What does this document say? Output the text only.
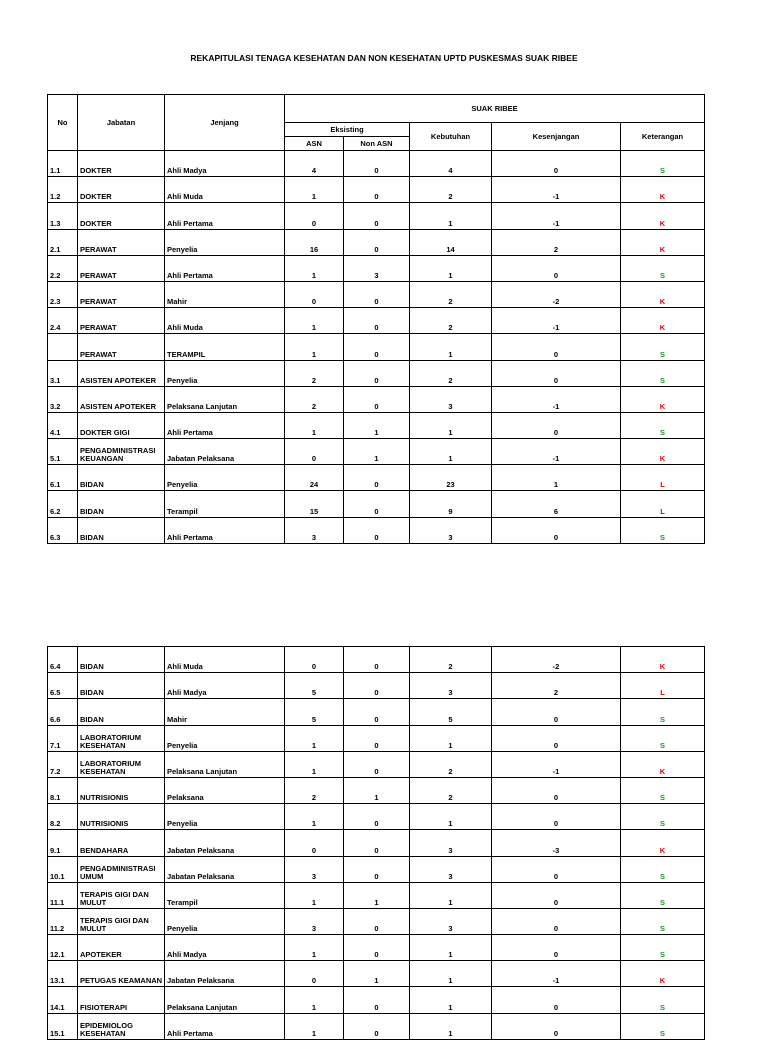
REKAPITULASI TENAGA KESEHATAN DAN NON KESEHATAN UPTD PUSKESMAS SUAK RIBEE
No	Jabatan	Jenjang	SUAK RIBEE				
			Eksisting		Kebutuhan	Kesenjangan	Keterangan
			ASN	Non ASN			
1.1	DOKTER	Ahli Madya	4	0	4	0	S
1.2	DOKTER	Ahli Muda	1	0	2	-1	K
1.3	DOKTER	Ahli Pertama	0	0	1	-1	K
2.1	PERAWAT	Penyelia	16	0	14	2	K
2.2	PERAWAT	Ahli Pertama	1	3	1	0	S
2.3	PERAWAT	Mahir	0	0	2	-2	K
2.4	PERAWAT	Ahli Muda	1	0	2	-1	K
	PERAWAT	TERAMPIL	1	0	1	0	S
3.1	ASISTEN APOTEKER	Penyelia	2	0	2	0	S
3.2	ASISTEN APOTEKER	Pelaksana Lanjutan	2	0	3	-1	K
4.1	DOKTER GIGI	Ahli Pertama	1	1	1	0	S
5.1	PENGADMINISTRASI KEUANGAN	Jabatan Pelaksana	0	1	1	-1	K
6.1	BIDAN	Penyelia	24	0	23	1	L
6.2	BIDAN	Terampil	15	0	9	6	L
6.3	BIDAN	Ahli Pertama	3	0	3	0	S
6.4	BIDAN	Ahli Muda	0	0	2	-2	K
6.5	BIDAN	Ahli Madya	5	0	3	2	L
6.6	BIDAN	Mahir	5	0	5	0	S
7.1	LABORATORIUM KESEHATAN	Penyelia	1	0	1	0	S
7.2	LABORATORIUM KESEHATAN	Pelaksana Lanjutan	1	0	2	-1	K
8.1	NUTRISIONIS	Pelaksana	2	1	2	0	S
8.2	NUTRISIONIS	Penyelia	1	0	1	0	S
9.1	BENDAHARA	Jabatan Pelaksana	0	0	3	-3	K
10.1	PENGADMINISTRASI UMUM	Jabatan Pelaksana	3	0	3	0	S
11.1	TERAPIS GIGI DAN MULUT	Terampil	1	1	1	0	S
11.2	TERAPIS GIGI DAN MULUT	Penyelia	3	0	3	0	S
12.1	APOTEKER	Ahli Madya	1	0	1	0	S
13.1	PETUGAS KEAMANAN	Jabatan Pelaksana	0	1	1	-1	K
14.1	FISIOTERAPI	Pelaksana Lanjutan	1	0	1	0	S
15.1	EPIDEMIOLOG KESEHATAN	Ahli Pertama	1	0	1	0	S
